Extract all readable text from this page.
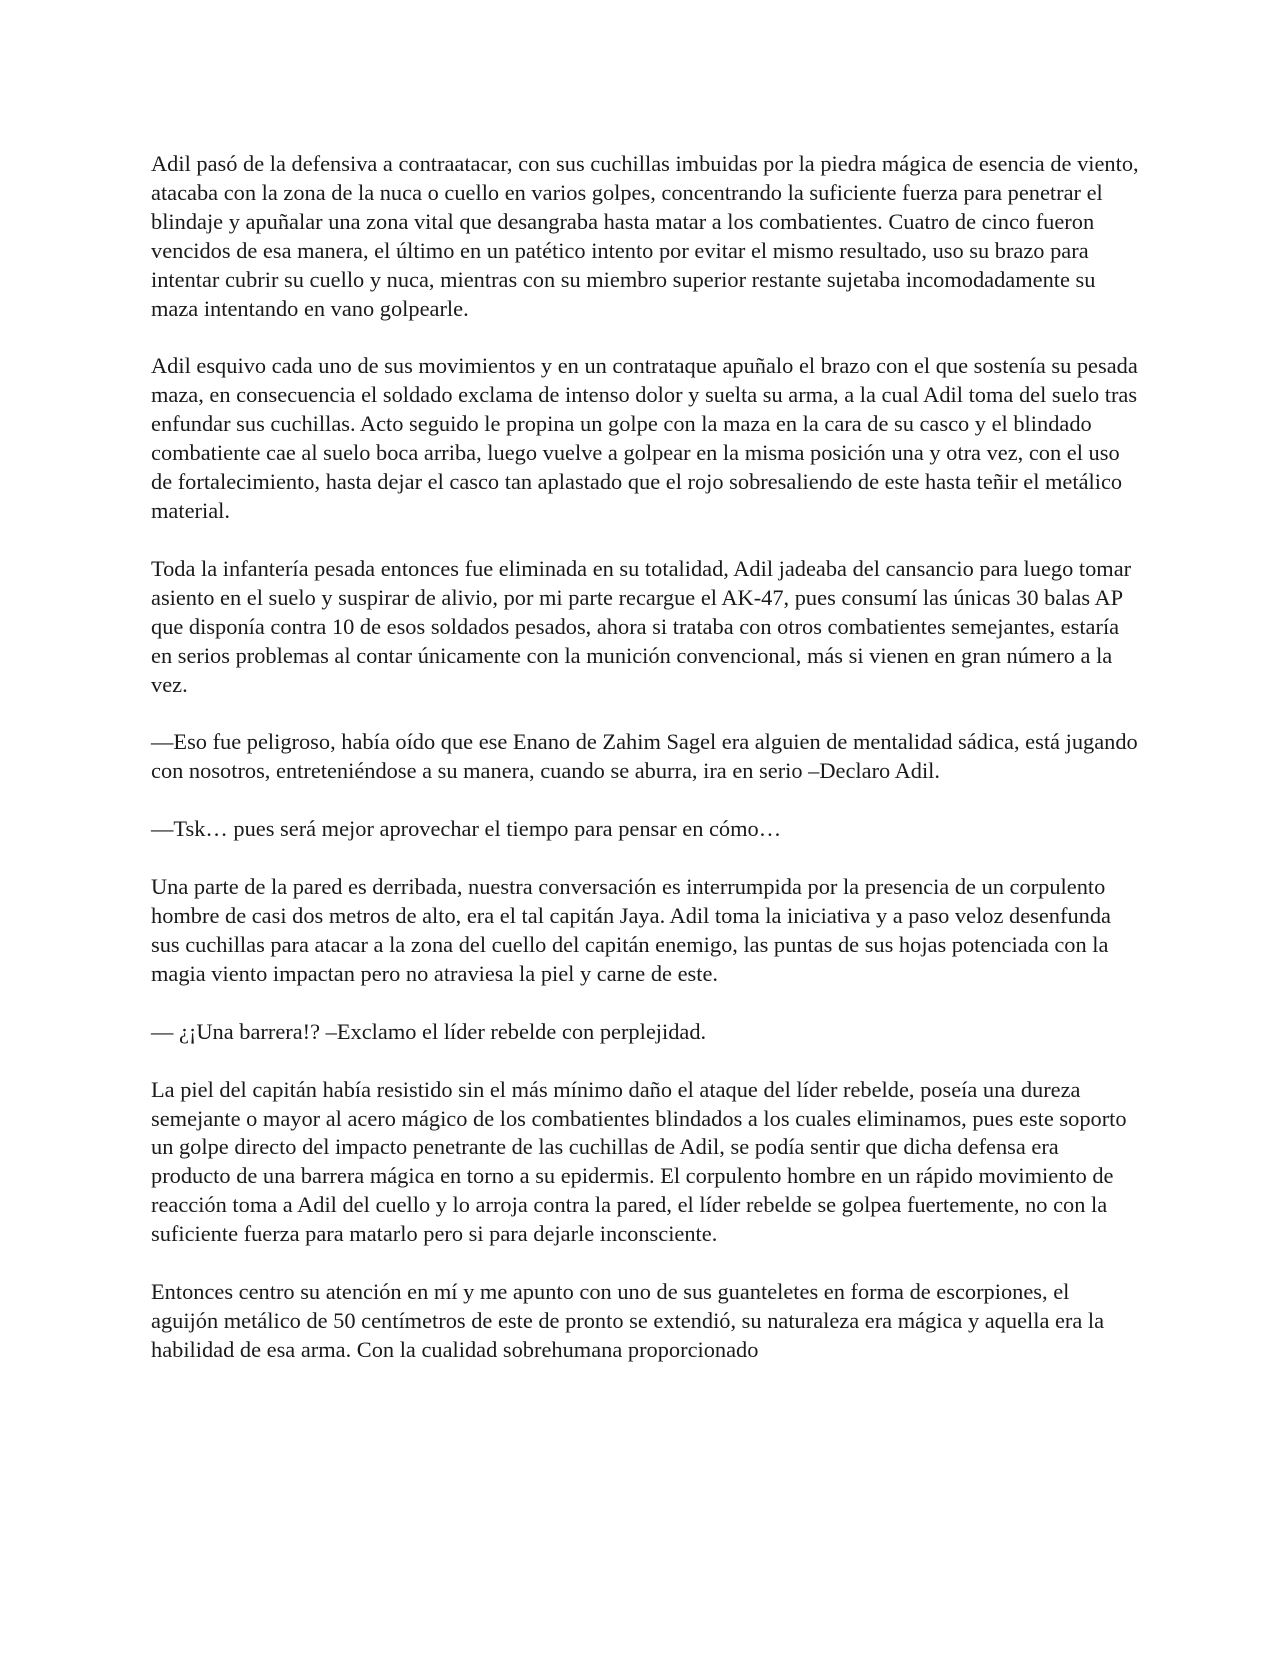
Adil pasó de la defensiva a contraatacar, con sus cuchillas imbuidas por la piedra mágica de esencia de viento, atacaba con la zona de la nuca o cuello en varios golpes, concentrando la suficiente fuerza para penetrar el blindaje y apuñalar una zona vital que desangraba hasta matar a los combatientes. Cuatro de cinco fueron vencidos de esa manera, el último en un patético intento por evitar el mismo resultado, uso su brazo para intentar cubrir su cuello y nuca, mientras con su miembro superior restante sujetaba incomodadamente su maza intentando en vano golpearle.

Adil esquivo cada uno de sus movimientos y en un contrataque apuñalo el brazo con el que sostenía su pesada maza, en consecuencia el soldado exclama de intenso dolor y suelta su arma, a la cual Adil toma del suelo tras enfundar sus cuchillas. Acto seguido le propina un golpe con la maza en la cara de su casco y el blindado combatiente cae al suelo boca arriba, luego vuelve a golpear en la misma posición una y otra vez, con el uso de fortalecimiento, hasta dejar el casco tan aplastado que el rojo sobresaliendo de este hasta teñir el metálico material.

Toda la infantería pesada entonces fue eliminada en su totalidad, Adil jadeaba del cansancio para luego tomar asiento en el suelo y suspirar de alivio, por mi parte recargue el AK-47, pues consumí las únicas 30 balas AP que disponía contra 10 de esos soldados pesados, ahora si trataba con otros combatientes semejantes, estaría en serios problemas al contar únicamente con la munición convencional, más si vienen en gran número a la vez.

—Eso fue peligroso, había oído que ese Enano de Zahim Sagel era alguien de mentalidad sádica, está jugando con nosotros, entreteniéndose a su manera, cuando se aburra, ira en serio –Declaro Adil.

—Tsk… pues será mejor aprovechar el tiempo para pensar en cómo…

Una parte de la pared es derribada, nuestra conversación es interrumpida por la presencia de un corpulento hombre de casi dos metros de alto, era el tal capitán Jaya. Adil toma la iniciativa y a paso veloz desenfunda sus cuchillas para atacar a la zona del cuello del capitán enemigo, las puntas de sus hojas potenciada con la magia viento impactan pero no atraviesa la piel y carne de este.

— ¿¡Una barrera!? –Exclamo el líder rebelde con perplejidad.

La piel del capitán había resistido sin el más mínimo daño el ataque del líder rebelde, poseía una dureza semejante o mayor al acero mágico de los combatientes blindados a los cuales eliminamos, pues este soporto un golpe directo del impacto penetrante de las cuchillas de Adil, se podía sentir que dicha defensa era producto de una barrera mágica en torno a su epidermis. El corpulento hombre en un rápido movimiento de reacción toma a Adil del cuello y lo arroja contra la pared, el líder rebelde se golpea fuertemente, no con la suficiente fuerza para matarlo pero si para dejarle inconsciente.

Entonces centro su atención en mí y me apunto con uno de sus guanteletes en forma de escorpiones, el aguijón metálico de 50 centímetros de este de pronto se extendió, su naturaleza era mágica y aquella era la habilidad de esa arma. Con la cualidad sobrehumana proporcionado
